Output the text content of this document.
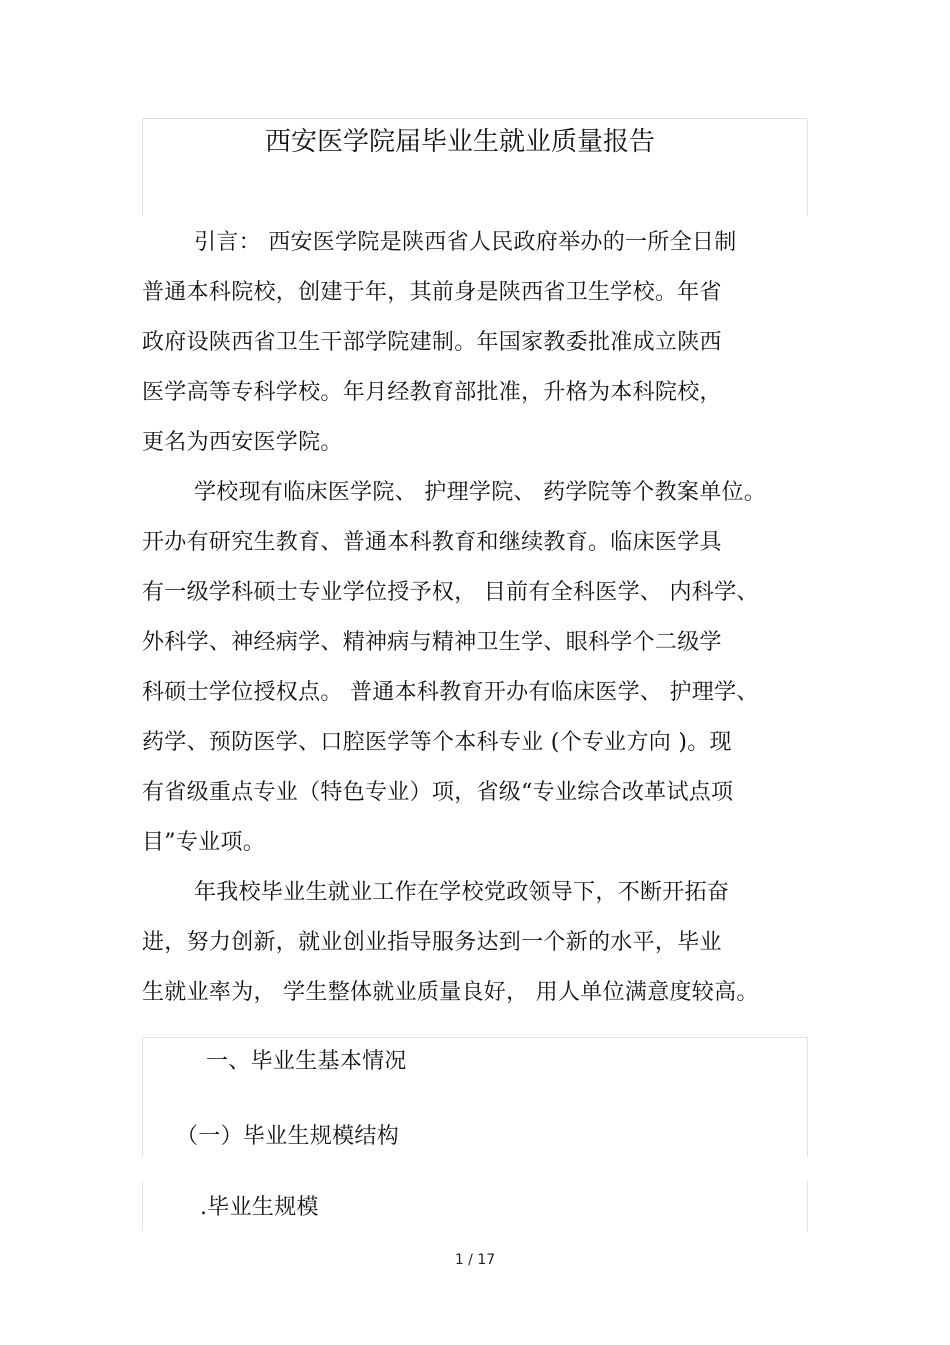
西安医学院届毕业生就业质量报告
引言： 西安医学院是陕西省人民政府举办的一所全日制
普通本科院校，创建于年，其前身是陕西省卫生学校。年省
政府设陕西省卫生干部学院建制。年国家教委批准成立陕西
医学高等专科学校。年月经教育部批准，升格为本科院校，
更名为西安医学院。
学校现有临床医学院、 护理学院、 药学院等个教案单位。
开办有研究生教育、普通本科教育和继续教育。临床医学具
有一级学科硕士专业学位授予权， 目前有全科医学、 内科学、
外科学、神经病学、精神病与精神卫生学、眼科学个二级学
科硕士学位授权点。 普通本科教育开办有临床医学、 护理学、
药学、预防医学、口腔医学等个本科专业 (个专业方向 )。现
有省级重点专业（特色专业）项，省级“专业综合改革试点项
目”专业项。
年我校毕业生就业工作在学校党政领导下，不断开拓奋
进，努力创新，就业创业指导服务达到一个新的水平，毕业
生就业率为， 学生整体就业质量良好， 用人单位满意度较高。
一、毕业生基本情况
（一）毕业生规模结构
.毕业生规模
1 / 17
